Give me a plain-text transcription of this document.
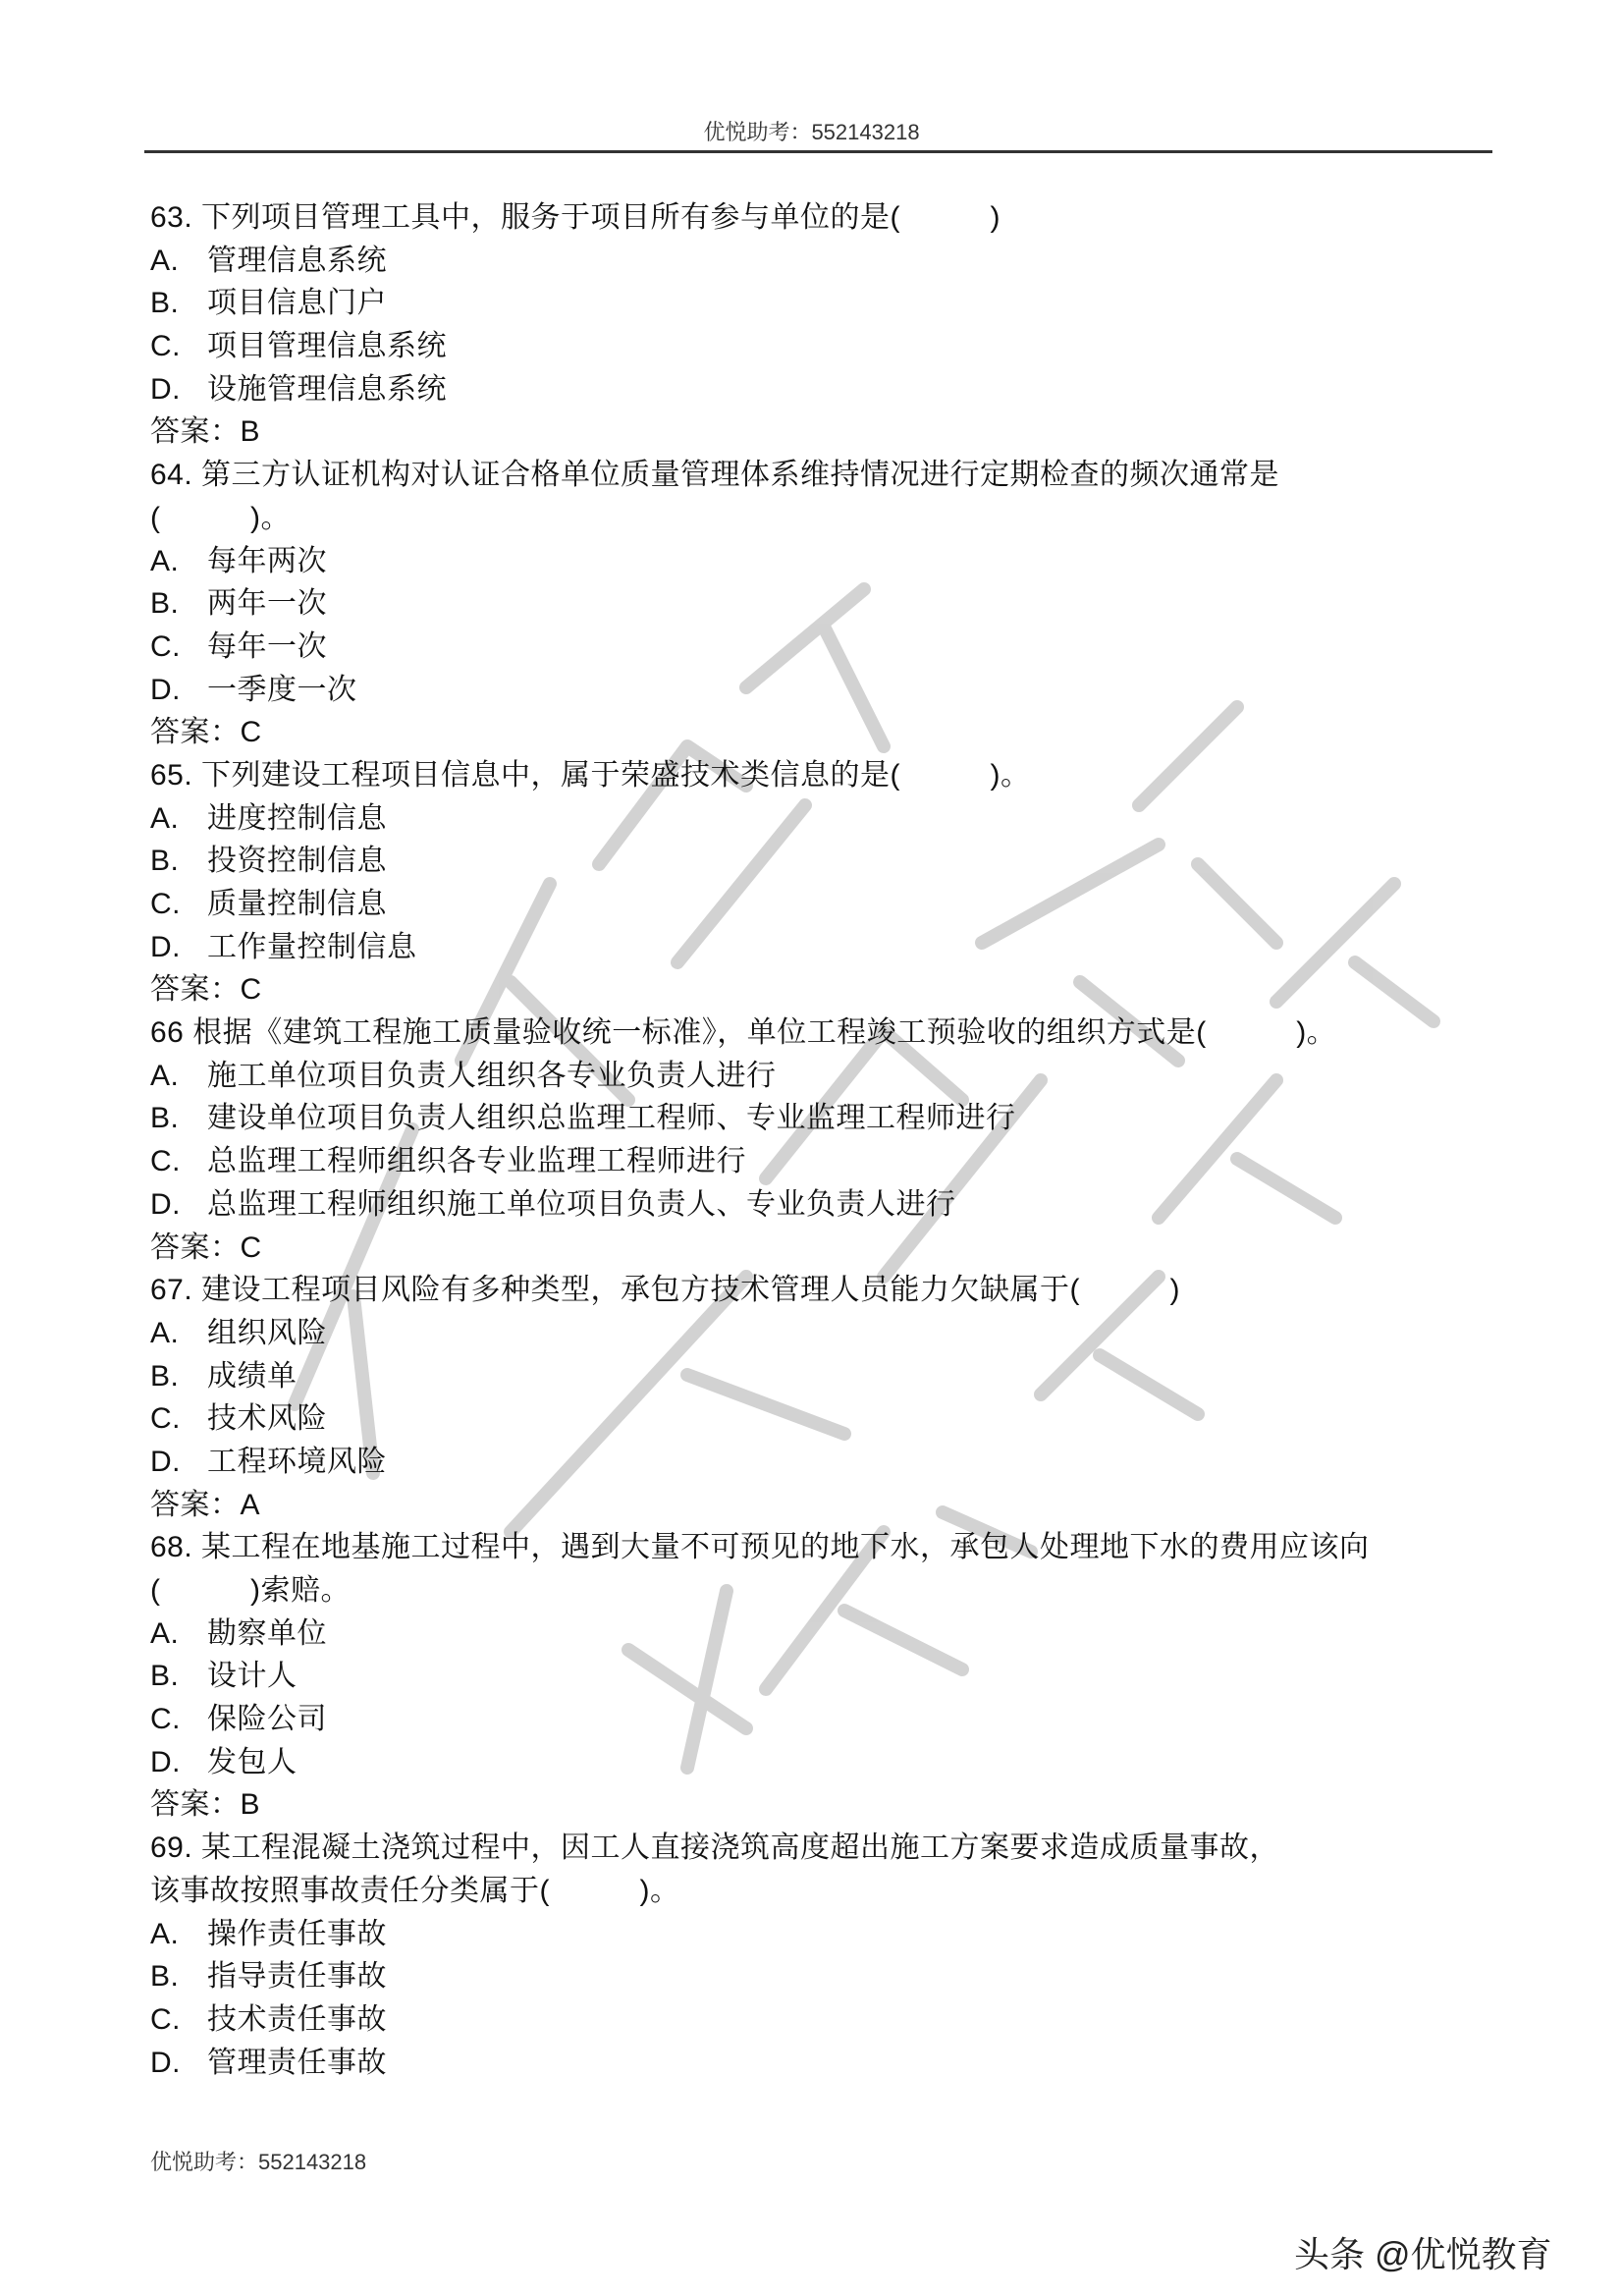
优悦助考：552143218
63. 下列项目管理工具中，服务于项目所有参与单位的是(　　　)
A. 管理信息系统
B. 项目信息门户
C. 项目管理信息系统
D. 设施管理信息系统
答案：B
64. 第三方认证机构对认证合格单位质量管理体系维持情况进行定期检查的频次通常是
(　　　)。
A. 每年两次
B. 两年一次
C. 每年一次
D. 一季度一次
答案：C
65. 下列建设工程项目信息中，属于荣盛技术类信息的是(　　　)。
A. 进度控制信息
B. 投资控制信息
C. 质量控制信息
D. 工作量控制信息
答案：C
66 根据《建筑工程施工质量验收统一标准》，单位工程竣工预验收的组织方式是(　　　)。
A. 施工单位项目负责人组织各专业负责人进行
B. 建设单位项目负责人组织总监理工程师、专业监理工程师进行
C. 总监理工程师组织各专业监理工程师进行
D. 总监理工程师组织施工单位项目负责人、专业负责人进行
答案：C
67. 建设工程项目风险有多种类型，承包方技术管理人员能力欠缺属于(　　　)
A. 组织风险
B. 成绩单
C. 技术风险
D. 工程环境风险
答案：A
68. 某工程在地基施工过程中，遇到大量不可预见的地下水，承包人处理地下水的费用应该向
(　　　)索赔。
A. 勘察单位
B. 设计人
C. 保险公司
D. 发包人
答案：B
69. 某工程混凝土浇筑过程中，因工人直接浇筑高度超出施工方案要求造成质量事故，
该事故按照事故责任分类属于(　　　)。
A. 操作责任事故
B. 指导责任事故
C. 技术责任事故
D. 管理责任事故
优悦助考：552143218
头条 @优悦教育
